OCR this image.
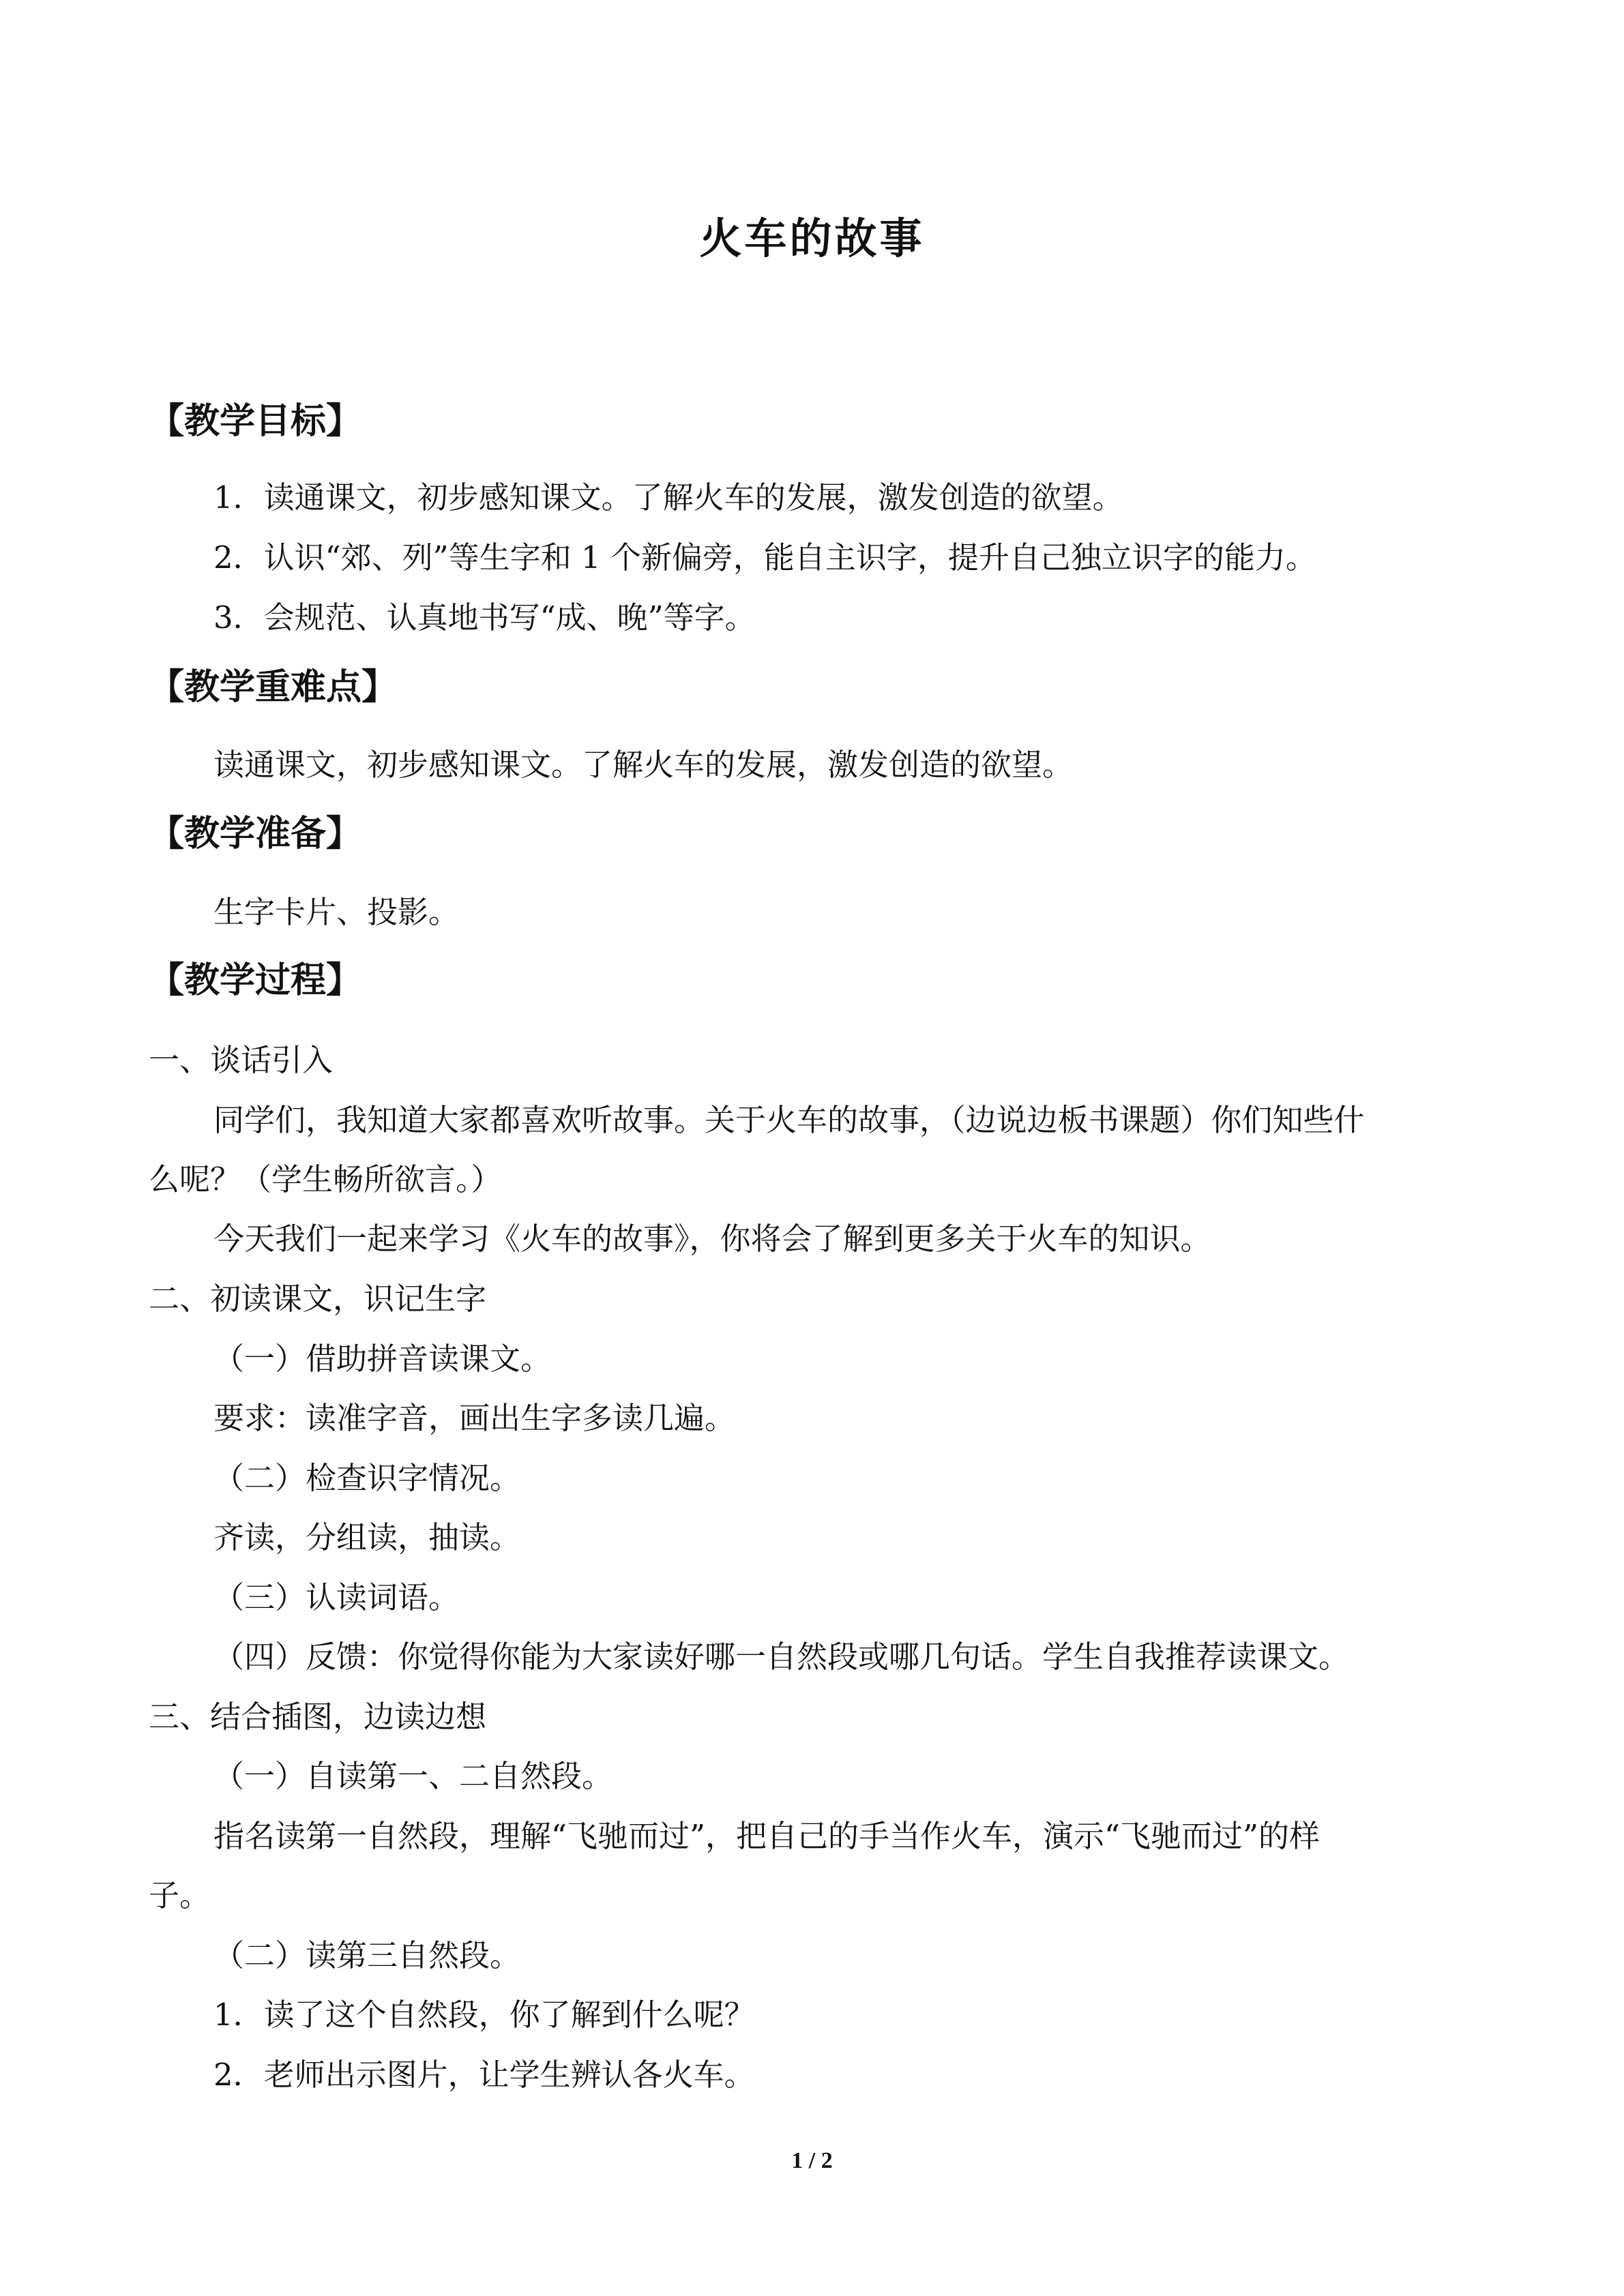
火车的故事
【教学目标】
1．读通课文，初步感知课文。了解火车的发展，激发创造的欲望。
2．认识“郊、列”等生字和 1 个新偏旁，能自主识字，提升自己独立识字的能力。
3．会规范、认真地书写“成、晚”等字。
【教学重难点】
读通课文，初步感知课文。了解火车的发展，激发创造的欲望。
【教学准备】
生字卡片、投影。
【教学过程】
一、谈话引入
同学们，我知道大家都喜欢听故事。关于火车的故事，（边说边板书课题）你们知些什
么呢？（学生畅所欲言。）
今天我们一起来学习《火车的故事》，你将会了解到更多关于火车的知识。
二、初读课文，识记生字
（一）借助拼音读课文。
要求：读准字音，画出生字多读几遍。
（二）检查识字情况。
齐读，分组读，抽读。
（三）认读词语。
（四）反馈：你觉得你能为大家读好哪一自然段或哪几句话。学生自我推荐读课文。
三、结合插图，边读边想
（一）自读第一、二自然段。
指名读第一自然段，理解“飞驰而过”，把自己的手当作火车，演示“飞驰而过”的样
子。
（二）读第三自然段。
1．读了这个自然段，你了解到什么呢？
2．老师出示图片，让学生辨认各火车。
1 / 2
